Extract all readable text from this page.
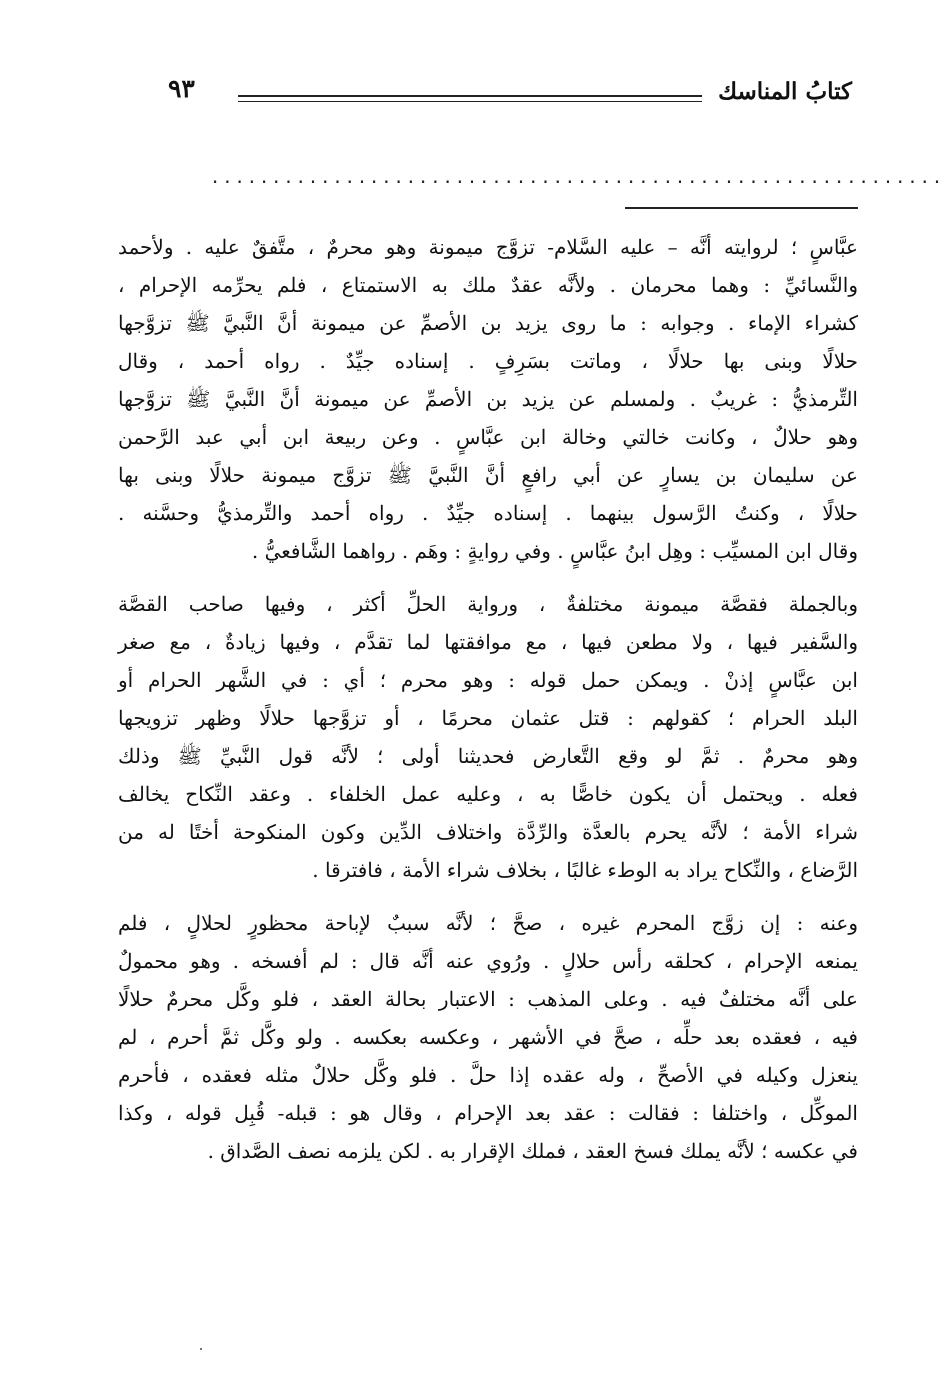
كتابُ المناسك
٩٣
............................................................
عبَّاسٍ ؛ لروايته أنَّه – عليه السَّلام- تزوَّج ميمونة وهو محرمٌ ، متَّفقٌ عليه . ولأحمد
والنَّسائيِّ : وهما محرمان . ولأنَّه عقدٌ ملك به الاستمتاع ، فلم يحرِّمه الإحرام ،
كشراء الإماء . وجوابه : ما روى يزيد بن الأصمِّ عن ميمونة أنَّ النَّبيَّ ﷺ تزوَّجها
حلالًا وبنى بها حلالًا ، وماتت بسَرِفٍ . إسناده جيِّدٌ . رواه أحمد ، وقال
التِّرمذيُّ : غريبٌ . ولمسلم عن يزيد بن الأصمِّ عن ميمونة أنَّ النَّبيَّ ﷺ تزوَّجها
وهو حلالٌ ، وكانت خالتي وخالة ابن عبَّاسٍ . وعن ربيعة ابن أبي عبد الرَّحمن
عن سليمان بن يسارٍ عن أبي رافعٍ أنَّ النَّبيَّ ﷺ تزوَّج ميمونة حلالًا وبنى بها
حلالًا ، وكنتُ الرَّسول بينهما . إسناده جيِّدٌ . رواه أحمد والتِّرمذيُّ وحسَّنه .
وقال ابن المسيِّب : وهِل ابنُ عبَّاسٍ . وفي روايةٍ : وهَم . رواهما الشَّافعيُّ .
وبالجملة فقصَّة ميمونة مختلفةٌ ، ورواية الحلِّ أكثر ، وفيها صاحب القصَّة
والسَّفير فيها ، ولا مطعن فيها ، مع موافقتها لما تقدَّم ، وفيها زيادةٌ ، مع صغر
ابن عبَّاسٍ إذنْ . ويمكن حمل قوله : وهو محرم ؛ أي : في الشَّهر الحرام أو
البلد الحرام ؛ كقولهم : قتل عثمان محرمًا ، أو تزوَّجها حلالًا وظهر تزويجها
وهو محرمٌ . ثمَّ لو وقع التَّعارض فحديثنا أولى ؛ لأنَّه قول النَّبيِّ ﷺ وذلك
فعله . ويحتمل أن يكون خاصًّا به ، وعليه عمل الخلفاء . وعقد النِّكاح يخالف
شراء الأمة ؛ لأنَّه يحرم بالعدَّة والرِّدَّة واختلاف الدِّين وكون المنكوحة أختًا له من
الرَّضاع ، والنِّكاح يراد به الوطء غالبًا ، بخلاف شراء الأمة ، فافترقا .
وعنه : إن زوَّج المحرم غيره ، صحَّ ؛ لأنَّه سببٌ لإباحة محظورٍ لحلالٍ ، فلم
يمنعه الإحرام ، كحلقه رأس حلالٍ . ورُوي عنه أنَّه قال : لم أفسخه . وهو محمولٌ
على أنَّه مختلفٌ فيه . وعلى المذهب : الاعتبار بحالة العقد ، فلو وكَّل محرمٌ حلالًا
فيه ، فعقده بعد حلِّه ، صحَّ في الأشهر ، وعكسه بعكسه . ولو وكَّل ثمَّ أحرم ، لم
ينعزل وكيله في الأصحِّ ، وله عقده إذا حلَّ . فلو وكَّل حلالٌ مثله فعقده ، فأحرم
الموكِّل ، واختلفا : فقالت : عقد بعد الإحرام ، وقال هو : قبله- قُبِل قوله ، وكذا
في عكسه ؛ لأنَّه يملك فسخ العقد ، فملك الإقرار به . لكن يلزمه نصف الصَّداق .
